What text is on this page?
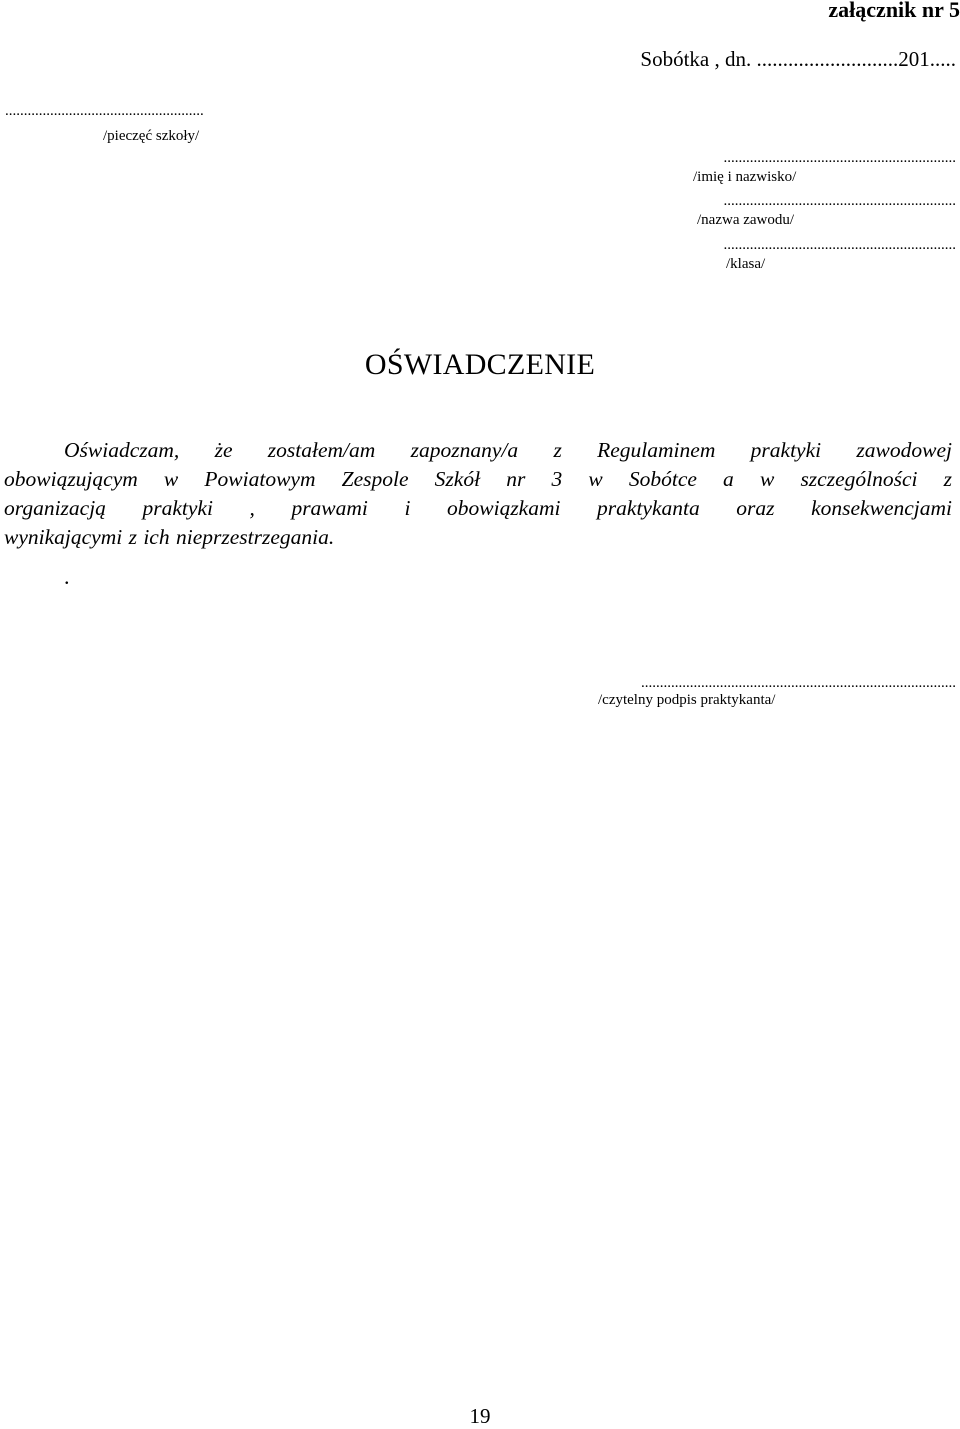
załącznik nr 5
Sobótka , dn. ...........................201.....
.....................................................
/pieczęć szkoły/
..............................................................
/imię i nazwisko/
..............................................................
/nazwa zawodu/
..............................................................
/klasa/
OŚWIADCZENIE
Oświadczam, że zostałem/am zapoznany/a z Regulaminem praktyki zawodowej
obowiązującym w Powiatowym Zespole Szkół nr 3 w Sobótce a w szczególności z
organizacją praktyki , prawami i obowiązkami praktykanta oraz konsekwencjami
wynikającymi z ich nieprzestrzegania.
.
....................................................................................
/czytelny podpis praktykanta/
19
